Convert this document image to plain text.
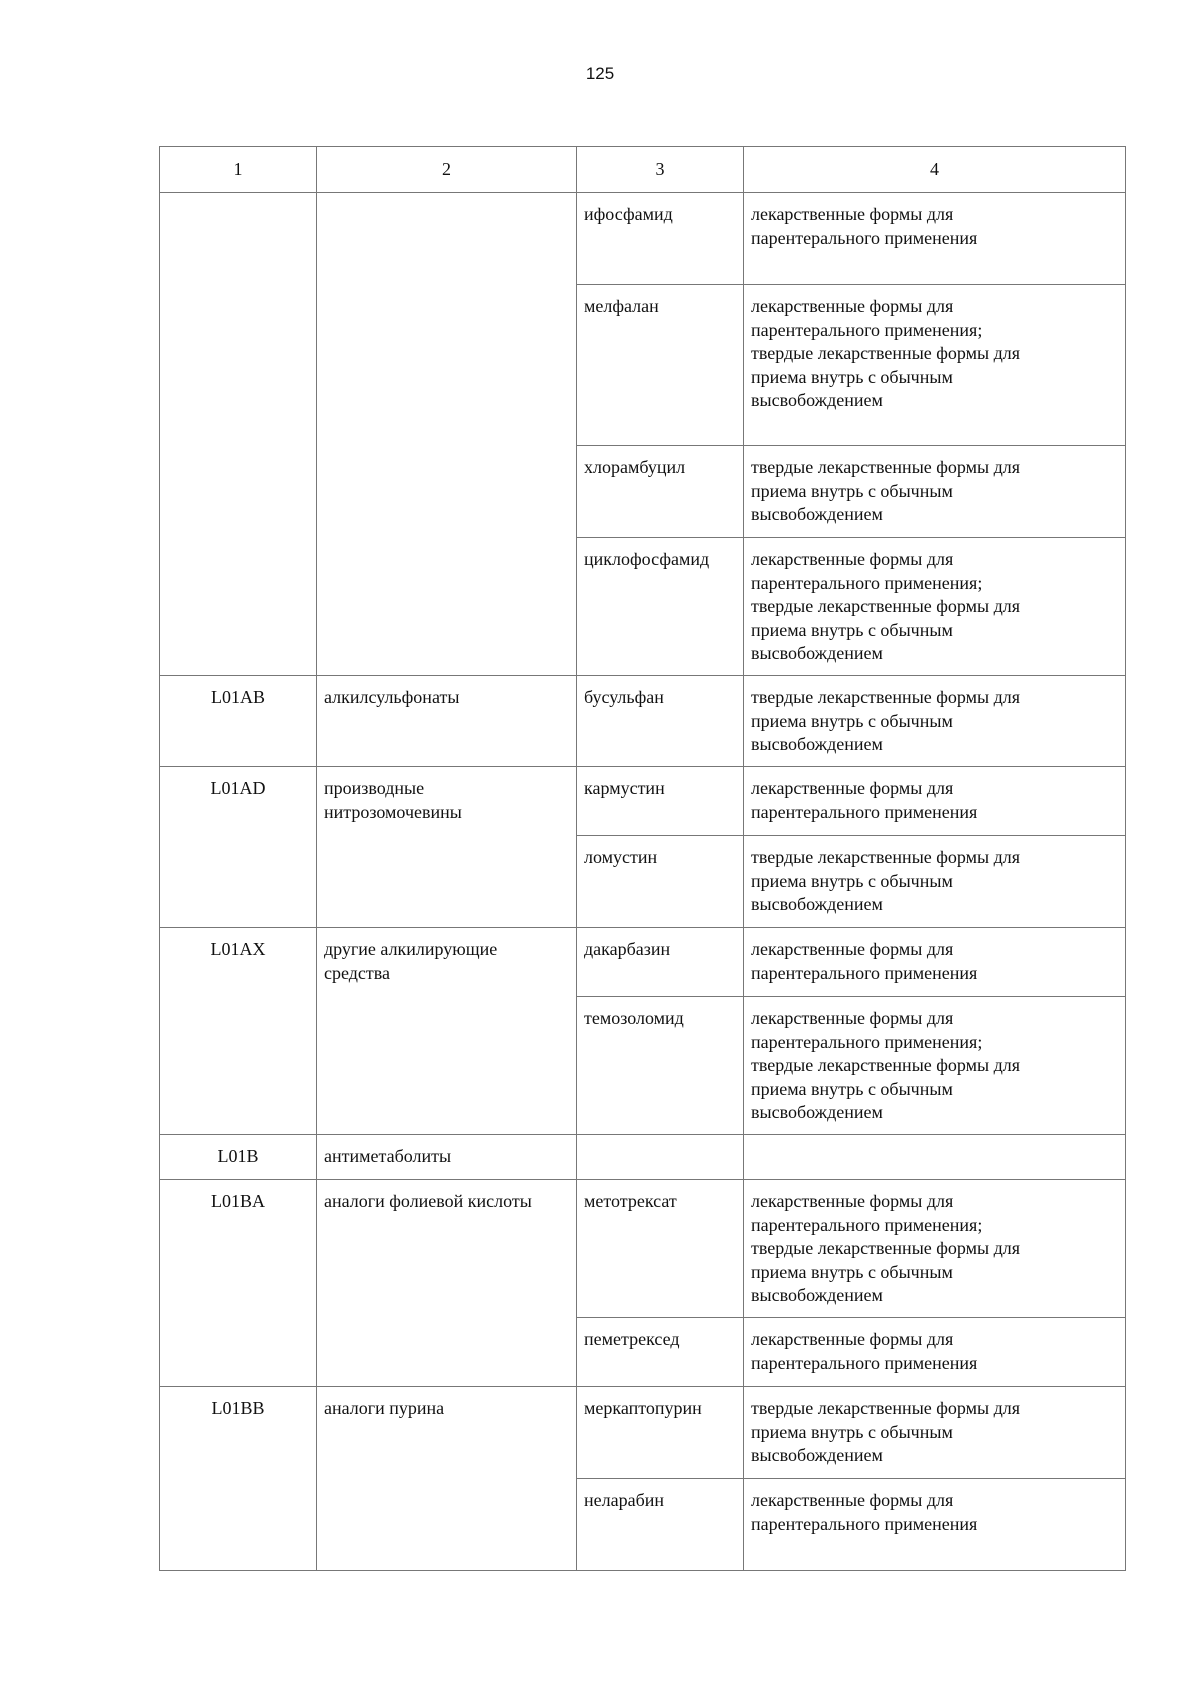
125
1	2	3	4

		ифосфамид	лекарственные формы для
парентерального применения

		мелфалан	лекарственные формы для
парентерального применения;
твердые лекарственные формы для
приема внутрь с обычным
высвобождением

		хлорамбуцил	твердые лекарственные формы для
приема внутрь с обычным
высвобождением

		циклофосфамид	лекарственные формы для
парентерального применения;
твердые лекарственные формы для
приема внутрь с обычным
высвобождением

L01AB	алкилсульфонаты	бусульфан	твердые лекарственные формы для
приема внутрь с обычным
высвобождением

L01AD	производные
нитрозомочевины	кармустин	лекарственные формы для
парентерального применения

		ломустин	твердые лекарственные формы для
приема внутрь с обычным
высвобождением

L01AX	другие алкилирующие
средства	дакарбазин	лекарственные формы для
парентерального применения

		темозоломид	лекарственные формы для
парентерального применения;
твердые лекарственные формы для
приема внутрь с обычным
высвобождением

L01B	антиметаболиты		

L01BA	аналоги фолиевой кислоты	метотрексат	лекарственные формы для
парентерального применения;
твердые лекарственные формы для
приема внутрь с обычным
высвобождением

		пеметрексед	лекарственные формы для
парентерального применения

L01BB	аналоги пурина	меркаптопурин	твердые лекарственные формы для
приема внутрь с обычным
высвобождением

		неларабин	лекарственные формы для
парентерального применения
